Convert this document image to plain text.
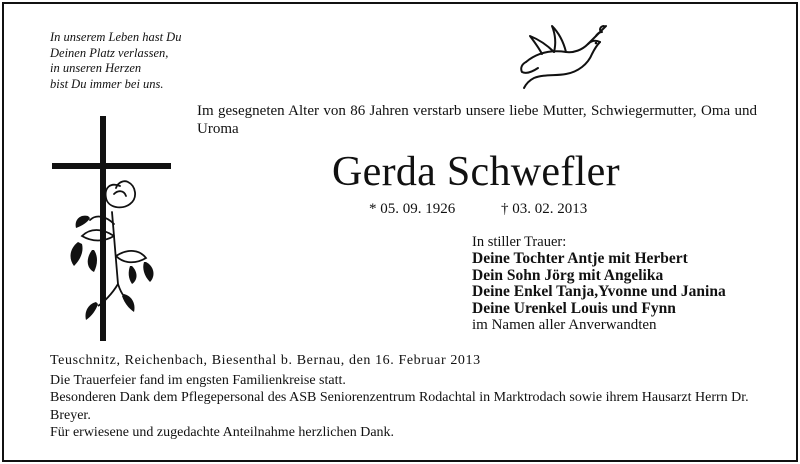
In unserem Leben hast Du
Deinen Platz verlassen,
in unseren Herzen
bist Du immer bei uns.
Im gesegneten Alter von 86 Jahren verstarb unsere liebe Mutter, Schwiegermutter, Oma und Uroma
Gerda Schwefler
* 05. 09. 1926	† 03. 02. 2013
In stiller Trauer:
Deine Tochter Antje mit Herbert
Dein Sohn Jörg mit Angelika
Deine Enkel Tanja,Yvonne und Janina
Deine Urenkel Louis und Fynn
im Namen aller Anverwandten
Teuschnitz, Reichenbach, Biesenthal b. Bernau, den 16. Februar 2013
Die Trauerfeier fand im engsten Familienkreise statt.
Besonderen Dank dem Pflegepersonal des ASB Seniorenzentrum Rodachtal in Marktrodach sowie ihrem Hausarzt Herrn Dr. Breyer.
Für erwiesene und zugedachte Anteilnahme herzlichen Dank.
